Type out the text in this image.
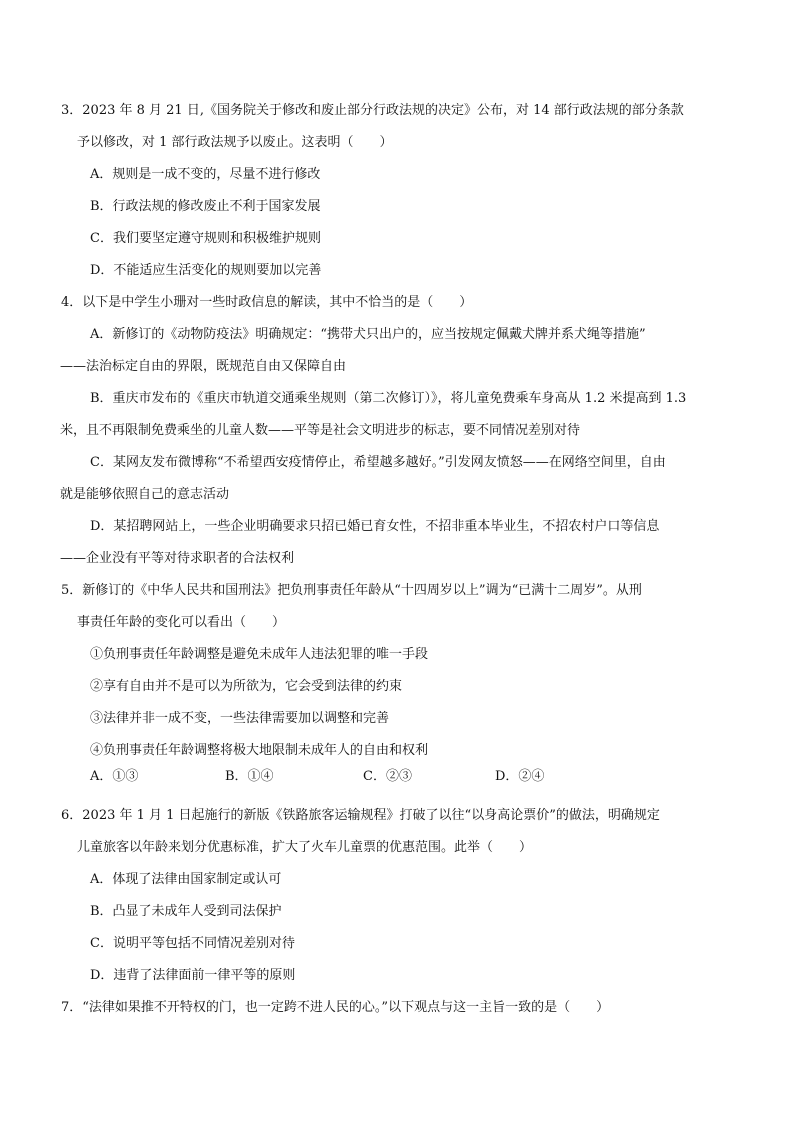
3．2023 年 8 月 21 日,《国务院关于修改和废止部分行政法规的决定》公布，对 14 部行政法规的部分条款
予以修改，对 1 部行政法规予以废止。这表明（　　）
A．规则是一成不变的，尽量不进行修改
B．行政法规的修改废止不利于国家发展
C．我们要坚定遵守规则和积极维护规则
D．不能适应生活变化的规则要加以完善
4．以下是中学生小珊对一些时政信息的解读，其中不恰当的是（　　）
A．新修订的《动物防疫法》明确规定：“携带犬只出户的，应当按规定佩戴犬牌并系犬绳等措施”
——法治标定自由的界限，既规范自由又保障自由
B．重庆市发布的《重庆市轨道交通乘坐规则（第二次修订）》，将儿童免费乘车身高从 1.2 米提高到 1.3
米，且不再限制免费乘坐的儿童人数——平等是社会文明进步的标志，要不同情况差别对待
C．某网友发布微博称“不希望西安疫情停止，希望越多越好。”引发网友愤怒——在网络空间里，自由
就是能够依照自己的意志活动
D．某招聘网站上，一些企业明确要求只招已婚已育女性，不招非重本毕业生，不招农村户口等信息
——企业没有平等对待求职者的合法权利
5．新修订的《中华人民共和国刑法》把负刑事责任年龄从“十四周岁以上”调为“已满十二周岁”。从刑
事责任年龄的变化可以看出（　　）
①负刑事责任年龄调整是避免未成年人违法犯罪的唯一手段
②享有自由并不是可以为所欲为，它会受到法律的约束
③法律并非一成不变，一些法律需要加以调整和完善
④负刑事责任年龄调整将极大地限制未成年人的自由和权利
A．①③	B．①④	C．②③	D．②④
6．2023 年 1 月 1 日起施行的新版《铁路旅客运输规程》打破了以往“以身高论票价”的做法，明确规定
儿童旅客以年龄来划分优惠标准，扩大了火车儿童票的优惠范围。此举（　　）
A．体现了法律由国家制定或认可
B．凸显了未成年人受到司法保护
C．说明平等包括不同情况差别对待
D．违背了法律面前一律平等的原则
7．“法律如果推不开特权的门，也一定跨不进人民的心。”以下观点与这一主旨一致的是（　　）
